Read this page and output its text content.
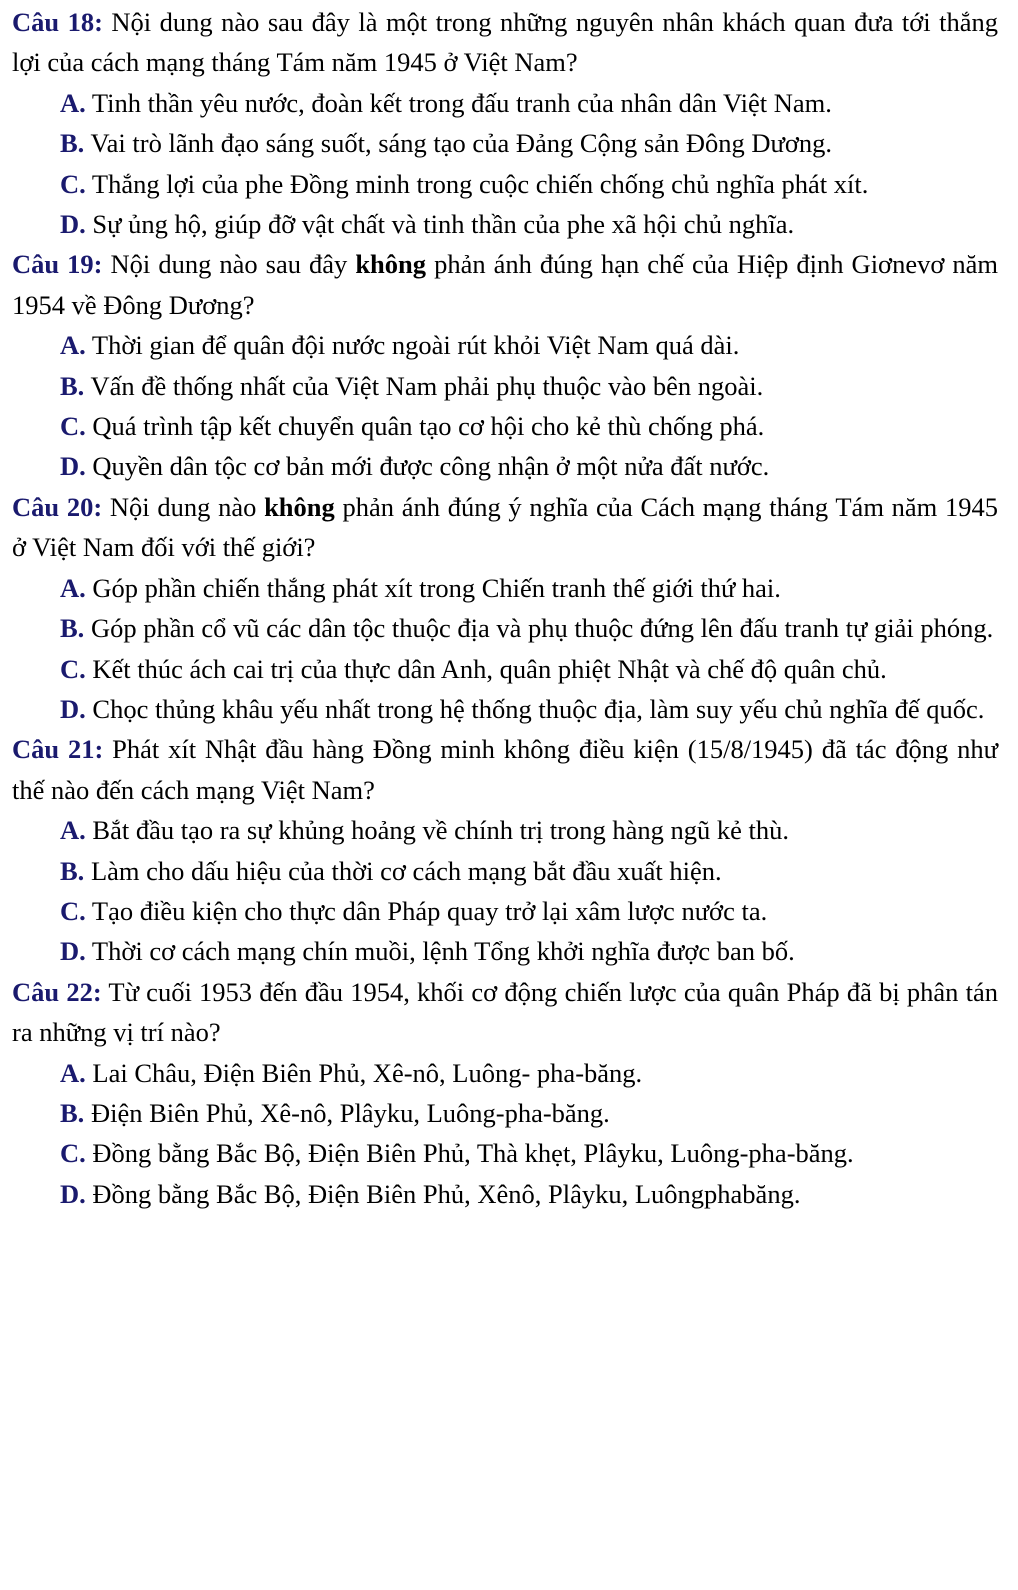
Câu 18: Nội dung nào sau đây là một trong những nguyên nhân khách quan đưa tới thắng lợi của cách mạng tháng Tám năm 1945 ở Việt Nam?

A. Tinh thần yêu nước, đoàn kết trong đấu tranh của nhân dân Việt Nam.

B. Vai trò lãnh đạo sáng suốt, sáng tạo của Đảng Cộng sản Đông Dương.

C. Thắng lợi của phe Đồng minh trong cuộc chiến chống chủ nghĩa phát xít.

D. Sự ủng hộ, giúp đỡ vật chất và tinh thần của phe xã hội chủ nghĩa.

Câu 19: Nội dung nào sau đây không phản ánh đúng hạn chế của Hiệp định Giơnevơ năm 1954 về Đông Dương?

A. Thời gian để quân đội nước ngoài rút khỏi Việt Nam quá dài.

B. Vấn đề thống nhất của Việt Nam phải phụ thuộc vào bên ngoài.

C. Quá trình tập kết chuyển quân tạo cơ hội cho kẻ thù chống phá.

D. Quyền dân tộc cơ bản mới được công nhận ở một nửa đất nước.

Câu 20: Nội dung nào không phản ánh đúng ý nghĩa của Cách mạng tháng Tám năm 1945 ở Việt Nam đối với thế giới?

A. Góp phần chiến thắng phát xít trong Chiến tranh thế giới thứ hai.

B. Góp phần cổ vũ các dân tộc thuộc địa và phụ thuộc đứng lên đấu tranh tự giải phóng.

C. Kết thúc ách cai trị của thực dân Anh, quân phiệt Nhật và chế độ quân chủ.

D. Chọc thủng khâu yếu nhất trong hệ thống thuộc địa, làm suy yếu chủ nghĩa đế quốc.

Câu 21: Phát xít Nhật đầu hàng Đồng minh không điều kiện (15/8/1945) đã tác động như thế nào đến cách mạng Việt Nam?

A. Bắt đầu tạo ra sự khủng hoảng về chính trị trong hàng ngũ kẻ thù.

B. Làm cho dấu hiệu của thời cơ cách mạng bắt đầu xuất hiện.

C. Tạo điều kiện cho thực dân Pháp quay trở lại xâm lược nước ta.

D. Thời cơ cách mạng chín muồi, lệnh Tổng khởi nghĩa được ban bố.

Câu 22: Từ cuối 1953 đến đầu 1954, khối cơ động chiến lược của quân Pháp đã bị phân tán ra những vị trí nào?

A. Lai Châu, Điện Biên Phủ, Xê-nô, Luông- pha-băng.

B. Điện Biên Phủ, Xê-nô, Plâyku, Luông-pha-băng.

C. Đồng bằng Bắc Bộ, Điện Biên Phủ, Thà khẹt, Plâyku, Luông-pha-băng.

D. Đồng bằng Bắc Bộ, Điện Biên Phủ, Xênô, Plâyku, Luôngphabăng.
